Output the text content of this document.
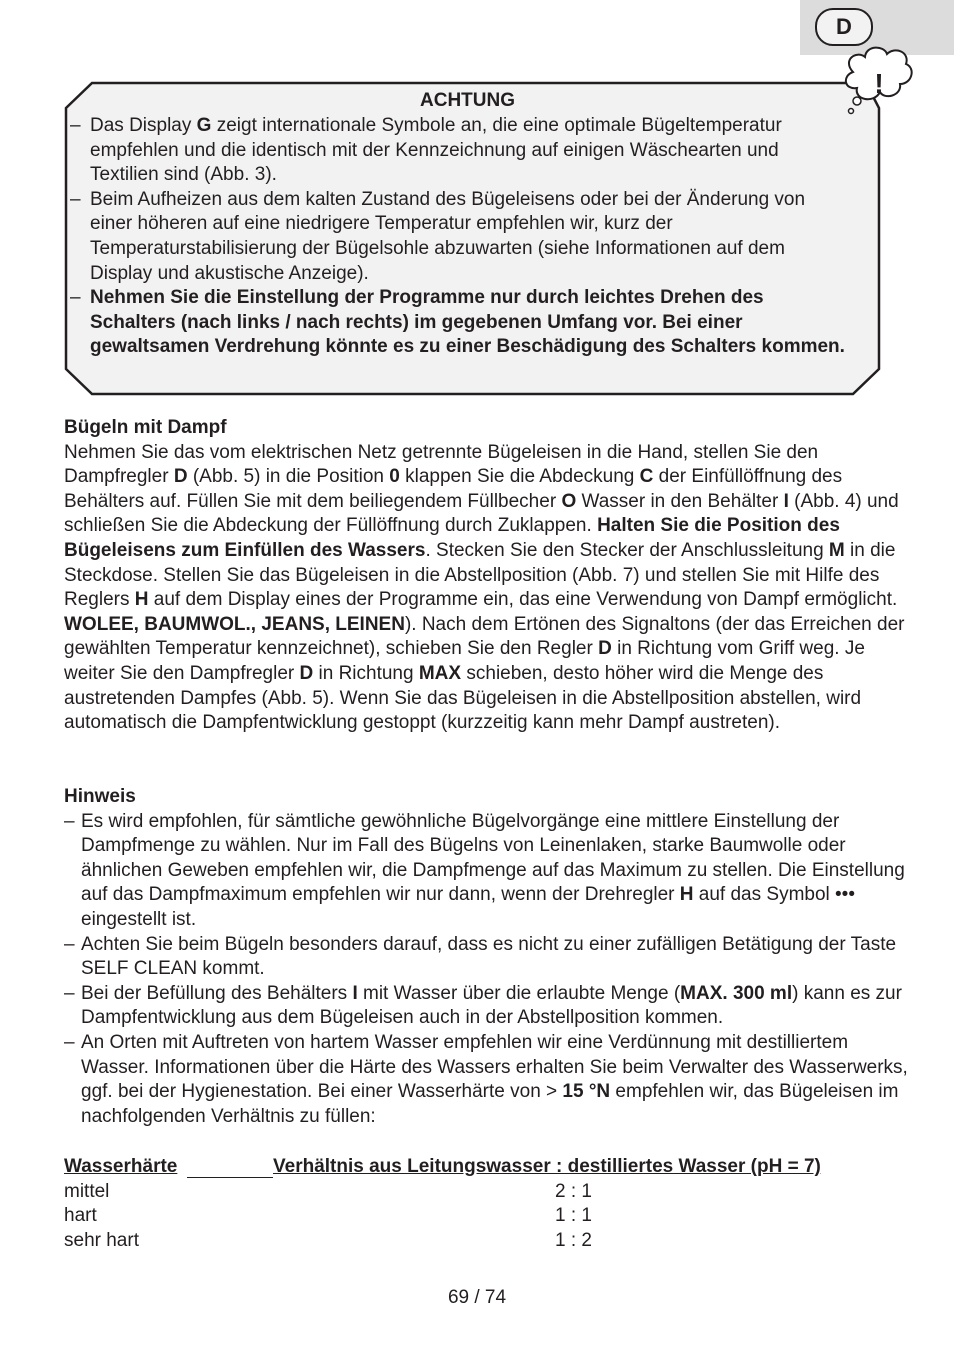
D
!
ACHTUNG
– Das Display G zeigt internationale Symbole an, die eine optimale Bügeltemperatur empfehlen und die identisch mit der Kennzeichnung auf einigen Wäschearten und Textilien sind (Abb. 3).
– Beim Aufheizen aus dem kalten Zustand des Bügeleisens oder bei der Änderung von einer höheren auf eine niedrigere Temperatur empfehlen wir, kurz der Temperaturstabilisierung der Bügelsohle abzuwarten (siehe Informationen auf dem Display und akustische Anzeige).
– Nehmen Sie die Einstellung der Programme nur durch leichtes Drehen des Schalters (nach links / nach rechts) im gegebenen Umfang vor. Bei einer gewaltsamen Verdrehung könnte es zu einer Beschädigung des Schalters kommen.
Bügeln mit Dampf

Nehmen Sie das vom elektrischen Netz getrennte Bügeleisen in die Hand, stellen Sie den Dampfregler D (Abb. 5) in die Position 0 klappen Sie die Abdeckung C der Einfüllöffnung des Behälters auf. Füllen Sie mit dem beiliegendem Füllbecher O Wasser in den Behälter I (Abb. 4) und schließen Sie die Abdeckung der Füllöffnung durch Zuklappen. Halten Sie die Position des Bügeleisens zum Einfüllen des Wassers. Stecken Sie den Stecker der Anschlussleitung M in die Steckdose. Stellen Sie das Bügeleisen in die Abstellposition (Abb. 7) und stellen Sie mit Hilfe des Reglers H auf dem Display eines der Programme ein, das eine Verwendung von Dampf ermöglicht. WOLEE, BAUMWOL., JEANS, LEINEN). Nach dem Ertönen des Signaltons (der das Erreichen der gewählten Temperatur kennzeichnet), schieben Sie den Regler D in Richtung vom Griff weg. Je weiter Sie den Dampfregler D in Richtung MAX schieben, desto höher wird die Menge des austretenden Dampfes (Abb. 5). Wenn Sie das Bügeleisen in die Abstellposition abstellen, wird automatisch die Dampfentwicklung gestoppt (kurzzeitig kann mehr Dampf austreten).

Hinweis
– Es wird empfohlen, für sämtliche gewöhnliche Bügelvorgänge eine mittlere Einstellung der Dampfmenge zu wählen. Nur im Fall des Bügelns von Leinenlaken, starke Baumwolle oder ähnlichen Geweben empfehlen wir, die Dampfmenge auf das Maximum zu stellen. Die Einstellung auf das Dampfmaximum empfehlen wir nur dann, wenn der Drehregler H auf das Symbol ••• eingestellt ist.
– Achten Sie beim Bügeln besonders darauf, dass es nicht zu einer zufälligen Betätigung der Taste SELF CLEAN kommt.
– Bei der Befüllung des Behälters I mit Wasser über die erlaubte Menge (MAX. 300 ml) kann es zur Dampfentwicklung aus dem Bügeleisen auch in der Abstellposition kommen.
– An Orten mit Auftreten von hartem Wasser empfehlen wir eine Verdünnung mit destilliertem Wasser. Informationen über die Härte des Wassers erhalten Sie beim Verwalter des Wasserwerks, ggf. bei der Hygienestation. Bei einer Wasserhärte von > 15 °N empfehlen wir, das Bügeleisen im nachfolgenden Verhältnis zu füllen:
Wasserhärte	Verhältnis aus Leitungswasser : destilliertes Wasser (pH = 7)
mittel	2 : 1
hart	1 : 1
sehr hart	1 : 2
69 / 74
